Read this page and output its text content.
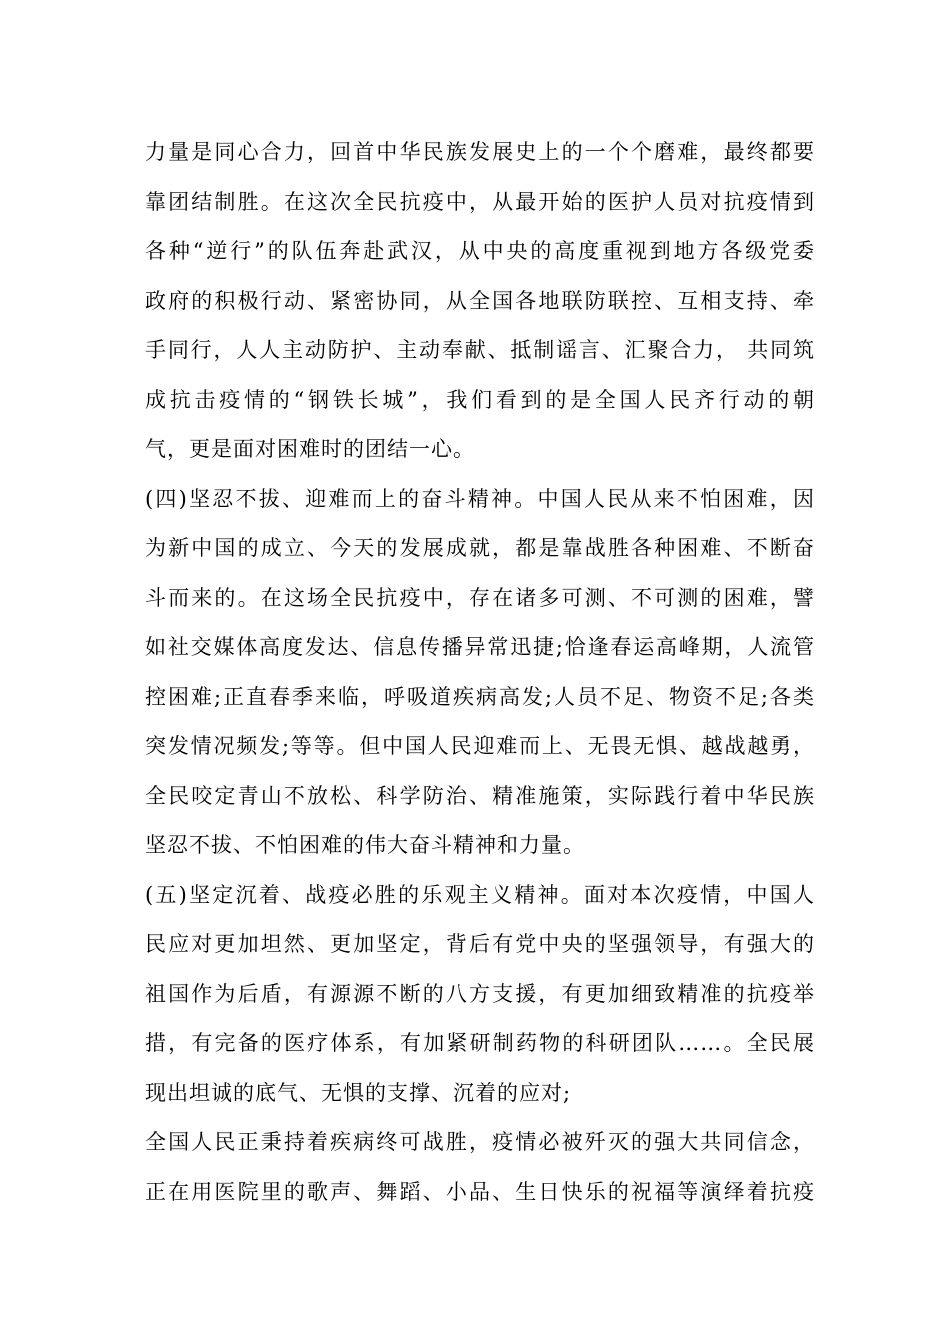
力量是同心合力，回首中华民族发展史上的一个个磨难，最终都要
靠团结制胜。在这次全民抗疫中，从最开始的医护人员对抗疫情到
各种“逆行”的队伍奔赴武汉，从中央的高度重视到地方各级党委
政府的积极行动、紧密协同，从全国各地联防联控、互相支持、牵
手同行，人人主动防护、主动奉献、抵制谣言、汇聚合力， 共同筑
成抗击疫情的“钢铁长城”，我们看到的是全国人民齐行动的朝
气，更是面对困难时的团结一心。
(四)坚忍不拔、迎难而上的奋斗精神。中国人民从来不怕困难，因
为新中国的成立、今天的发展成就，都是靠战胜各种困难、不断奋
斗而来的。在这场全民抗疫中，存在诸多可测、不可测的困难，譬
如社交媒体高度发达、信息传播异常迅捷;恰逢春运高峰期，人流管
控困难;正直春季来临，呼吸道疾病高发;人员不足、物资不足;各类
突发情况频发;等等。但中国人民迎难而上、无畏无惧、越战越勇，
全民咬定青山不放松、科学防治、精准施策，实际践行着中华民族
坚忍不拔、不怕困难的伟大奋斗精神和力量。
(五)坚定沉着、战疫必胜的乐观主义精神。面对本次疫情，中国人
民应对更加坦然、更加坚定，背后有党中央的坚强领导，有强大的
祖国作为后盾，有源源不断的八方支援，有更加细致精准的抗疫举
措，有完备的医疗体系，有加紧研制药物的科研团队……。全民展
现出坦诚的底气、无惧的支撑、沉着的应对;
全国人民正秉持着疾病终可战胜，疫情必被歼灭的强大共同信念，
正在用医院里的歌声、舞蹈、小品、生日快乐的祝福等演绎着抗疫
